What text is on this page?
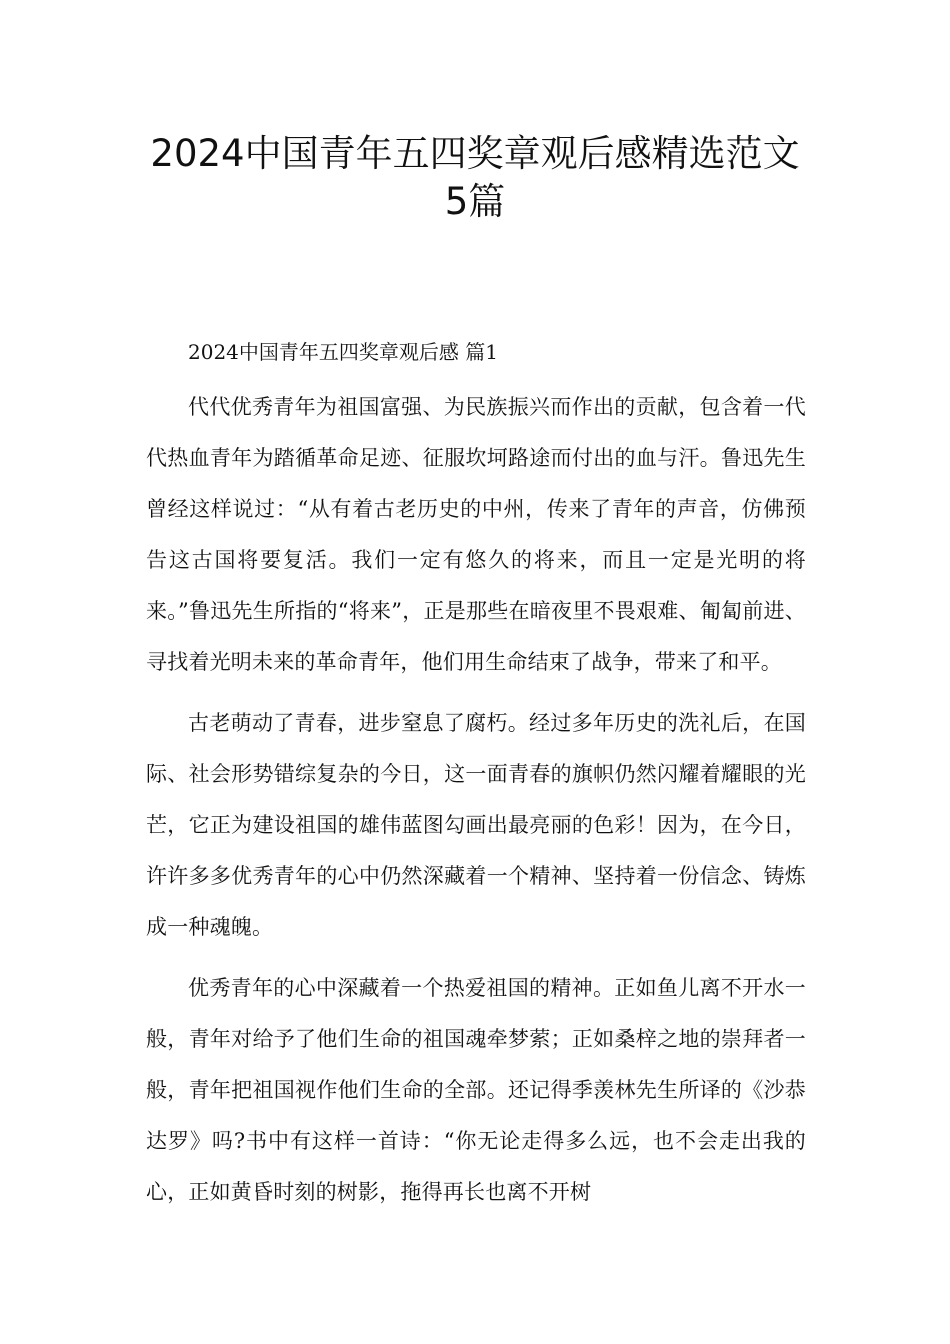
2024中国青年五四奖章观后感精选范文
5篇
2024中国青年五四奖章观后感 篇1

代代优秀青年为祖国富强、为民族振兴而作出的贡献，包含着一代代热血青年为踏循革命足迹、征服坎坷路途而付出的血与汗。鲁迅先生曾经这样说过：“从有着古老历史的中州，传来了青年的声音，仿佛预告这古国将要复活。我们一定有悠久的将来，而且一定是光明的将来。”鲁迅先生所指的“将来”，正是那些在暗夜里不畏艰难、匍匐前进、寻找着光明未来的革命青年，他们用生命结束了战争，带来了和平。

古老萌动了青春，进步窒息了腐朽。经过多年历史的洗礼后，在国际、社会形势错综复杂的今日，这一面青春的旗帜仍然闪耀着耀眼的光芒，它正为建设祖国的雄伟蓝图勾画出最亮丽的色彩！因为，在今日，许许多多优秀青年的心中仍然深藏着一个精神、坚持着一份信念、铸炼成一种魂魄。

优秀青年的心中深藏着一个热爱祖国的精神。正如鱼儿离不开水一般，青年对给予了他们生命的祖国魂牵梦萦；正如桑梓之地的崇拜者一般，青年把祖国视作他们生命的全部。还记得季羡林先生所译的《沙恭达罗》吗?书中有这样一首诗：“你无论走得多么远，也不会走出我的心，正如黄昏时刻的树影，拖得再长也离不开树
